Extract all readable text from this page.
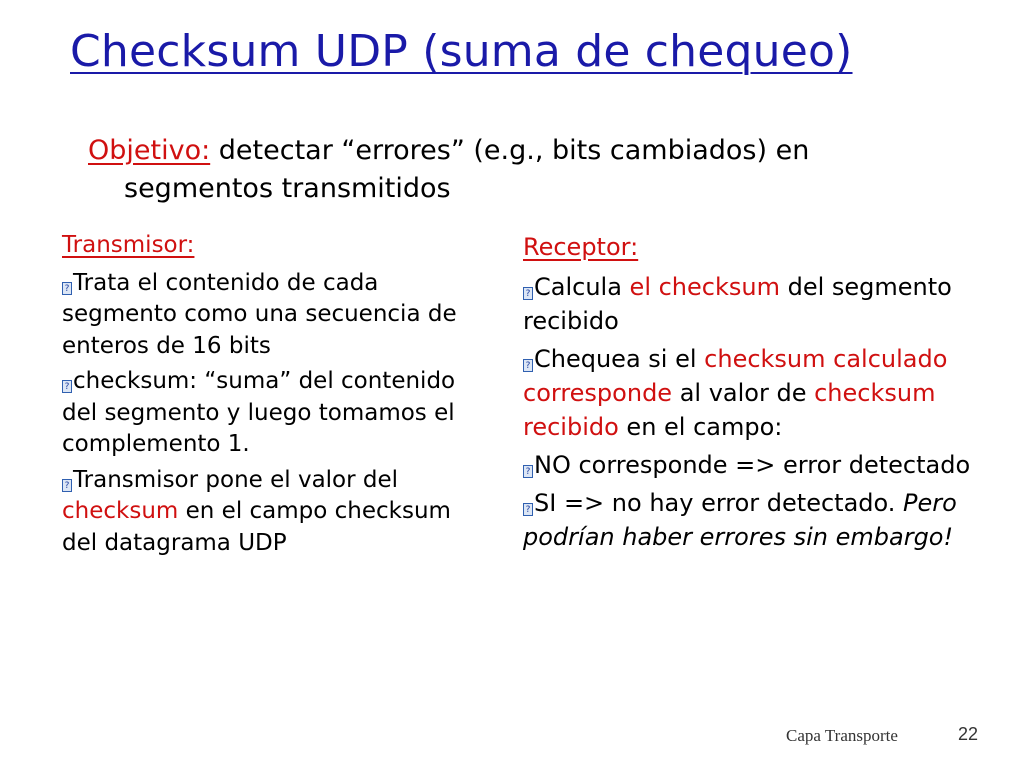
Checksum UDP (suma de chequeo)
Objetivo: detectar “errores” (e.g., bits cambiados) en
segmentos transmitidos
Transmisor:
? Trata el contenido de cada segmento como una secuencia de enteros de 16 bits
? checksum: “suma” del contenido del segmento y luego tomamos el complemento 1.
? Transmisor pone el valor del checksum en el campo checksum del datagrama UDP
Receptor:
? Calcula el checksum del segmento recibido
? Chequea si el checksum calculado corresponde al valor de checksum recibido en el campo:
? NO corresponde => error detectado
? SI => no hay error detectado. Pero podrían haber errores sin embargo!
Capa Transporte	22
